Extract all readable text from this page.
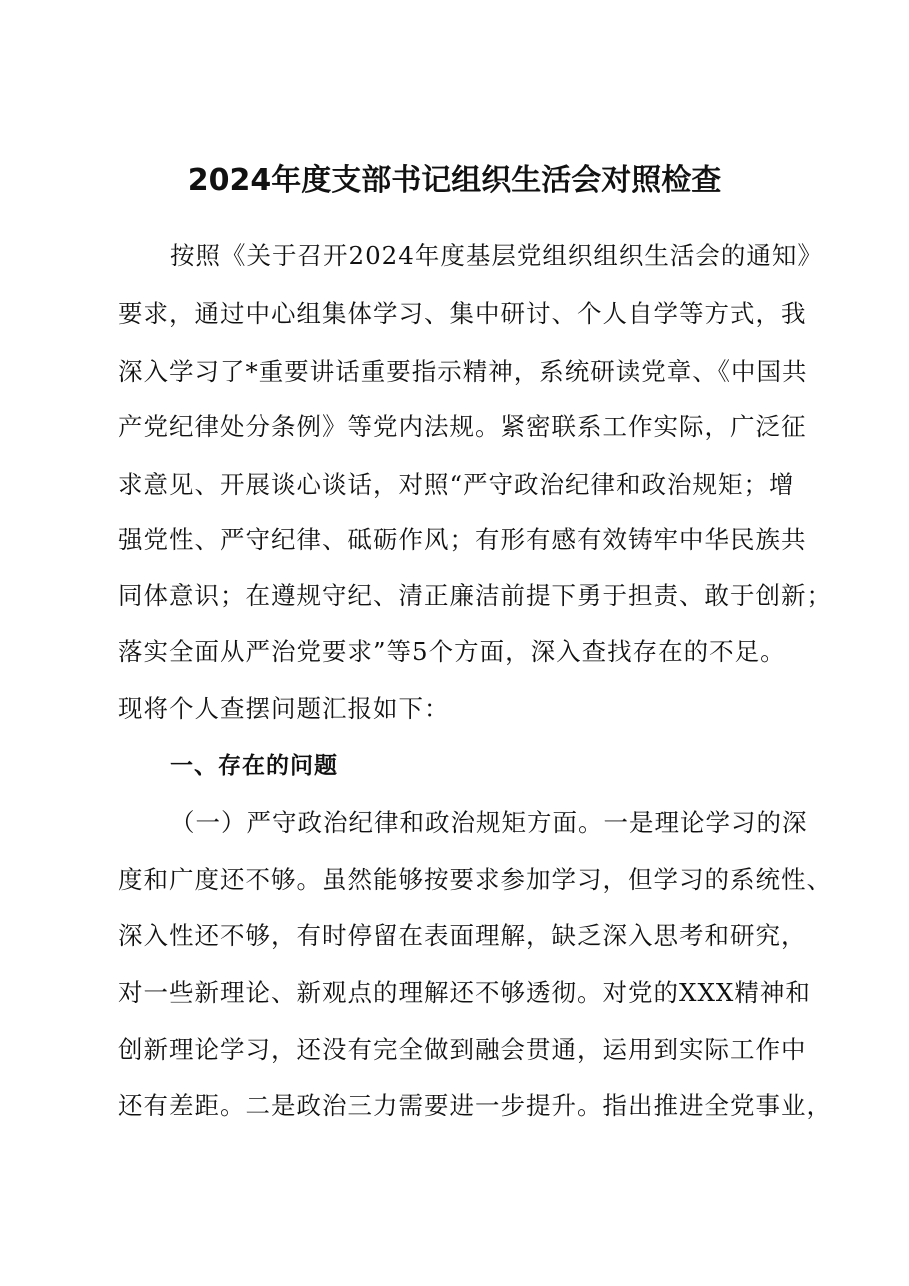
2024年度支部书记组织生活会对照检查
按照《关于召开2024年度基层党组织组织生活会的通知》
要求，通过中心组集体学习、集中研讨、个人自学等方式，我
深入学习了*重要讲话重要指示精神，系统研读党章、《中国共
产党纪律处分条例》等党内法规。紧密联系工作实际，广泛征
求意见、开展谈心谈话，对照“严守政治纪律和政治规矩；增
强党性、严守纪律、砥砺作风；有形有感有效铸牢中华民族共
同体意识；在遵规守纪、清正廉洁前提下勇于担责、敢于创新；
落实全面从严治党要求”等5个方面，深入查找存在的不足。
现将个人查摆问题汇报如下：
一、存在的问题
（一）严守政治纪律和政治规矩方面。一是理论学习的深
度和广度还不够。虽然能够按要求参加学习，但学习的系统性、
深入性还不够，有时停留在表面理解，缺乏深入思考和研究，
对一些新理论、新观点的理解还不够透彻。对党的XXX精神和
创新理论学习，还没有完全做到融会贯通，运用到实际工作中
还有差距。二是政治三力需要进一步提升。指出推进全党事业，
